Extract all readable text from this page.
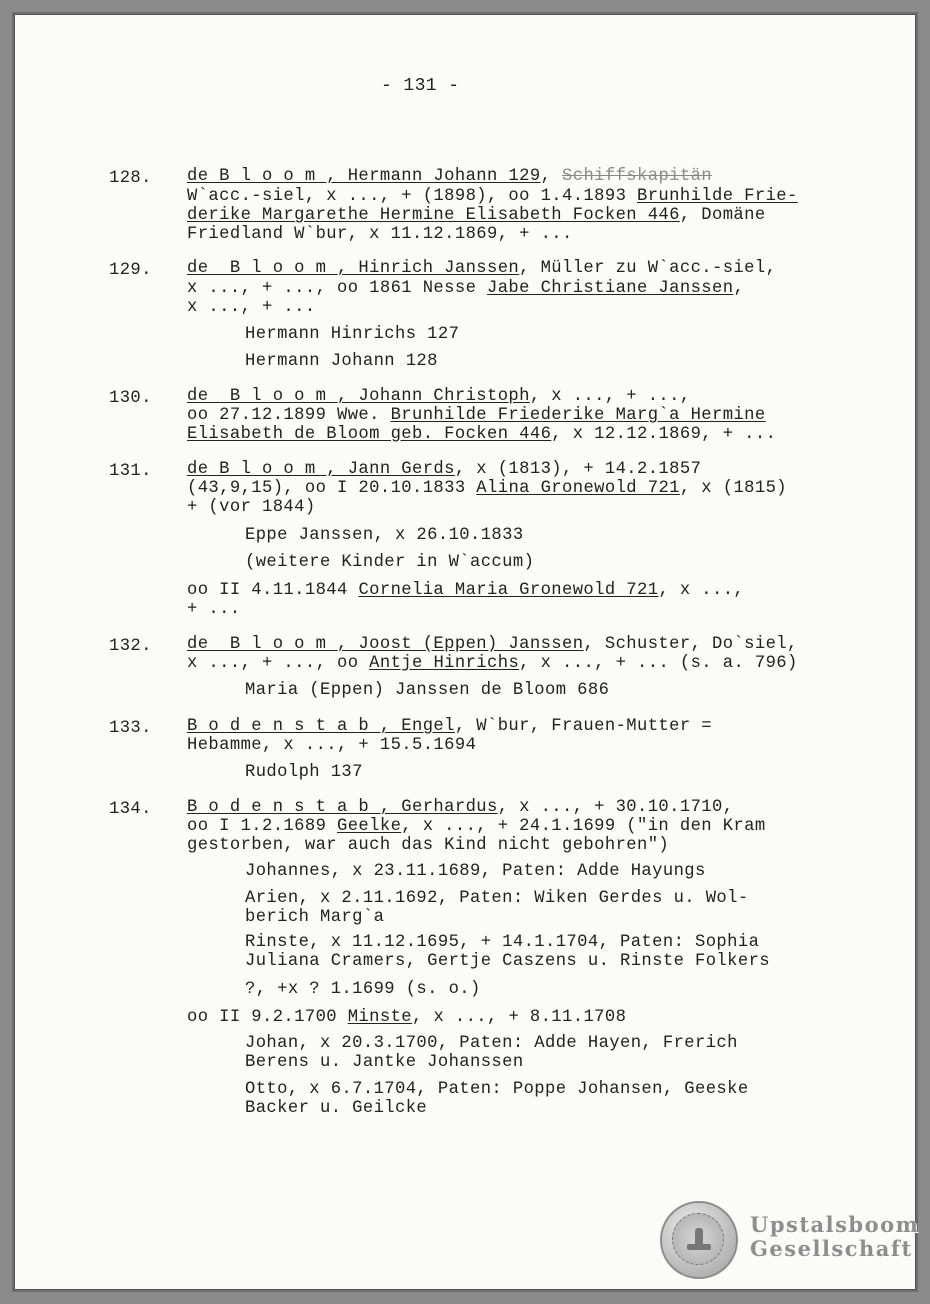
- 131 -
128. de B l o o m , Hermann Johann 129, Schiffskapitän
W`acc.-siel, x ..., + (1898), oo 1.4.1893 Brunhilde Frie-
derike Margarethe Hermine Elisabeth Focken 446, Domäne
Friedland W`bur, x 11.12.1869, + ...
129. de  B l o o m , Hinrich Janssen, Müller zu W`acc.-siel,
x ..., + ..., oo 1861 Nesse Jabe Christiane Janssen,
x ..., + ...
Hermann Hinrichs 127
Hermann Johann 128
130. de  B l o o m , Johann Christoph, x ..., + ...,
oo 27.12.1899 Wwe. Brunhilde Friederike Marg`a Hermine
Elisabeth de Bloom geb. Focken 446, x 12.12.1869, + ...
131. de B l o o m , Jann Gerds, x (1813), + 14.2.1857
(43,9,15), oo I 20.10.1833 Alina Gronewold 721, x (1815)
+ (vor 1844)
Eppe Janssen, x 26.10.1833
(weitere Kinder in W`accum)
oo II 4.11.1844 Cornelia Maria Gronewold 721, x ...,
+ ...
132. de  B l o o m , Joost (Eppen) Janssen, Schuster, Do`siel,
x ..., + ..., oo Antje Hinrichs, x ..., + ... (s. a. 796)
Maria (Eppen) Janssen de Bloom 686
133. B o d e n s t a b , Engel, W`bur, Frauen-Mutter =
Hebamme, x ..., + 15.5.1694
Rudolph 137
134. B o d e n s t a b , Gerhardus, x ..., + 30.10.1710,
oo I 1.2.1689 Geelke, x ..., + 24.1.1699 ("in den Kram
gestorben, war auch das Kind nicht gebohren")
Johannes, x 23.11.1689, Paten: Adde Hayungs
Arien, x 2.11.1692, Paten: Wiken Gerdes u. Wol-
berich Marg`a
Rinste, x 11.12.1695, + 14.1.1704, Paten: Sophia
Juliana Cramers, Gertje Caszens u. Rinste Folkers
?, +x ? 1.1699 (s. o.)
oo II 9.2.1700 Minste, x ..., + 8.11.1708
Johan, x 20.3.1700, Paten: Adde Hayen, Frerich
Berens u. Jantke Johanssen
Otto, x 6.7.1704, Paten: Poppe Johansen, Geeske
Backer u. Geilcke
Upstalsboom
Gesellschaft
